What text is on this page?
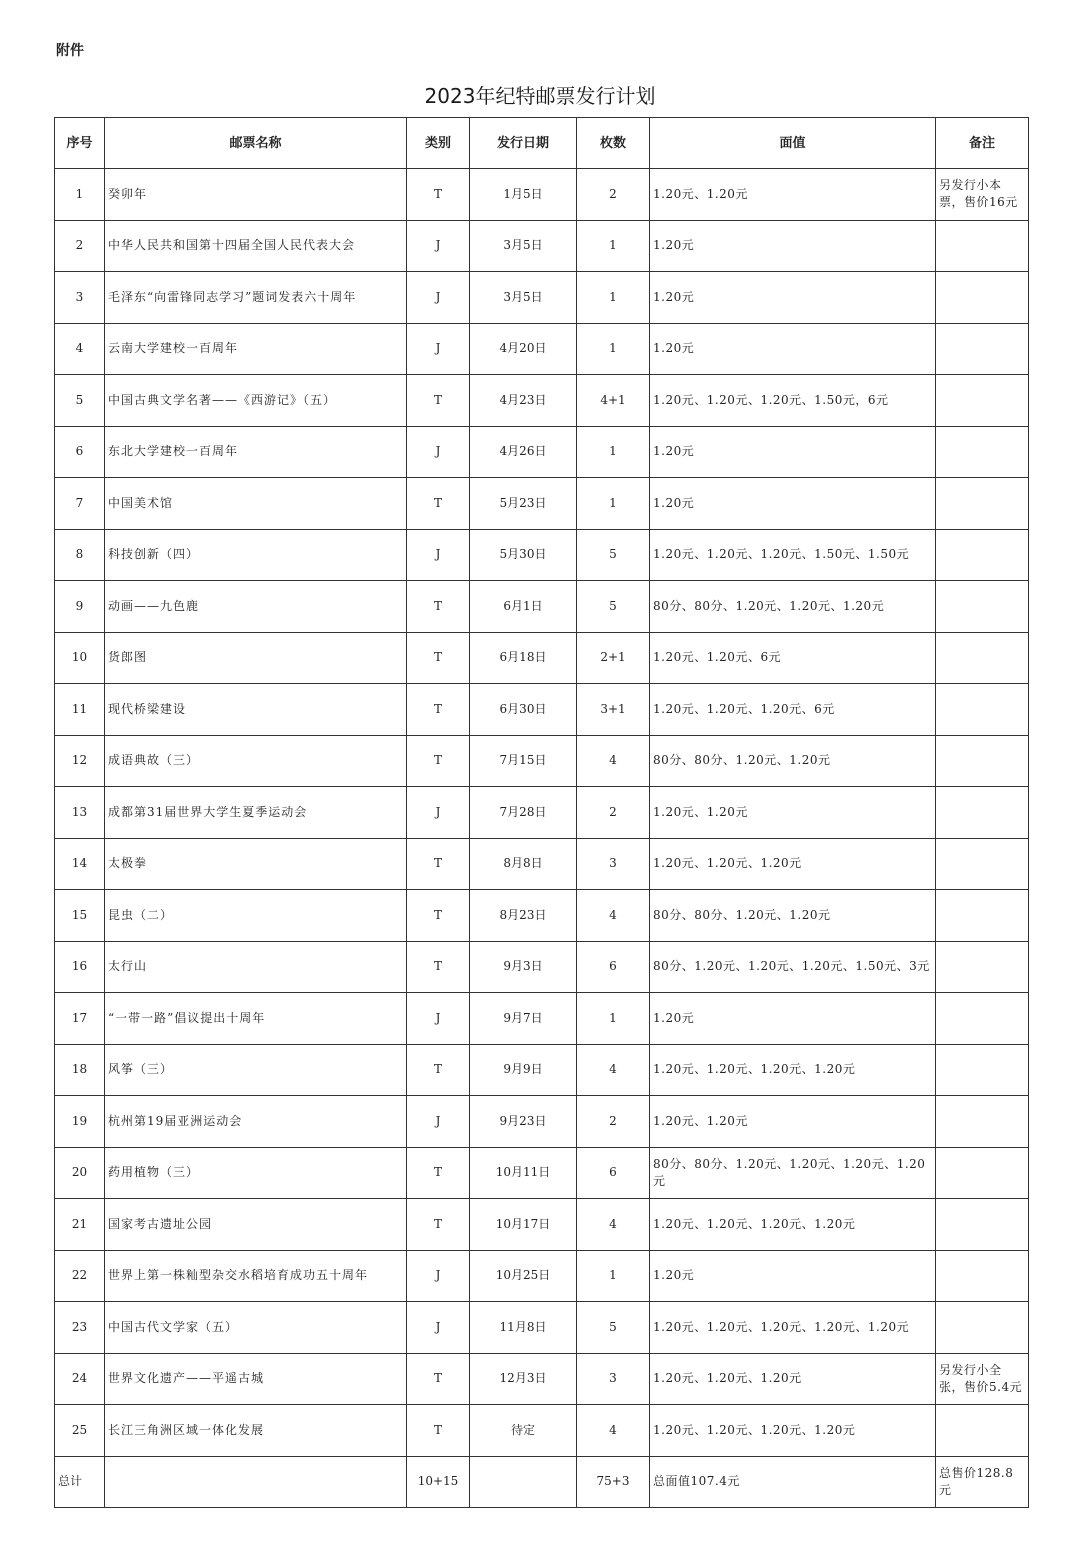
附件
2023年纪特邮票发行计划
序号	邮票名称	类别	发行日期	枚数	面值	备注
1	癸卯年	T	1月5日	2	1.20元、1.20元	另发行小本票，售价16元
2	中华人民共和国第十四届全国人民代表大会	J	3月5日	1	1.20元	
3	毛泽东“向雷锋同志学习”题词发表六十周年	J	3月5日	1	1.20元	
4	云南大学建校一百周年	J	4月20日	1	1.20元	
5	中国古典文学名著——《西游记》（五）	T	4月23日	4+1	1.20元、1.20元、1.20元、1.50元，6元	
6	东北大学建校一百周年	J	4月26日	1	1.20元	
7	中国美术馆	T	5月23日	1	1.20元	
8	科技创新（四）	J	5月30日	5	1.20元、1.20元、1.20元、1.50元、1.50元	
9	动画——九色鹿	T	6月1日	5	80分、80分、1.20元、1.20元、1.20元	
10	货郎图	T	6月18日	2+1	1.20元、1.20元、6元	
11	现代桥梁建设	T	6月30日	3+1	1.20元、1.20元、1.20元、6元	
12	成语典故（三）	T	7月15日	4	80分、80分、1.20元、1.20元	
13	成都第31届世界大学生夏季运动会	J	7月28日	2	1.20元、1.20元	
14	太极拳	T	8月8日	3	1.20元、1.20元、1.20元	
15	昆虫（二）	T	8月23日	4	80分、80分、1.20元、1.20元	
16	太行山	T	9月3日	6	80分、1.20元、1.20元、1.20元、1.50元、3元	
17	“一带一路”倡议提出十周年	J	9月7日	1	1.20元	
18	风筝（三）	T	9月9日	4	1.20元、1.20元、1.20元、1.20元	
19	杭州第19届亚洲运动会	J	9月23日	2	1.20元、1.20元	
20	药用植物（三）	T	10月11日	6	80分、80分、1.20元、1.20元、1.20元、1.20元	
21	国家考古遗址公园	T	10月17日	4	1.20元、1.20元、1.20元、1.20元	
22	世界上第一株籼型杂交水稻培育成功五十周年	J	10月25日	1	1.20元	
23	中国古代文学家（五）	J	11月8日	5	1.20元、1.20元、1.20元、1.20元、1.20元	
24	世界文化遗产——平遥古城	T	12月3日	3	1.20元、1.20元、1.20元	另发行小全张，售价5.4元
25	长江三角洲区域一体化发展	T	待定	4	1.20元、1.20元、1.20元、1.20元	
总计		10+15		75+3	总面值107.4元	总售价128.8元
